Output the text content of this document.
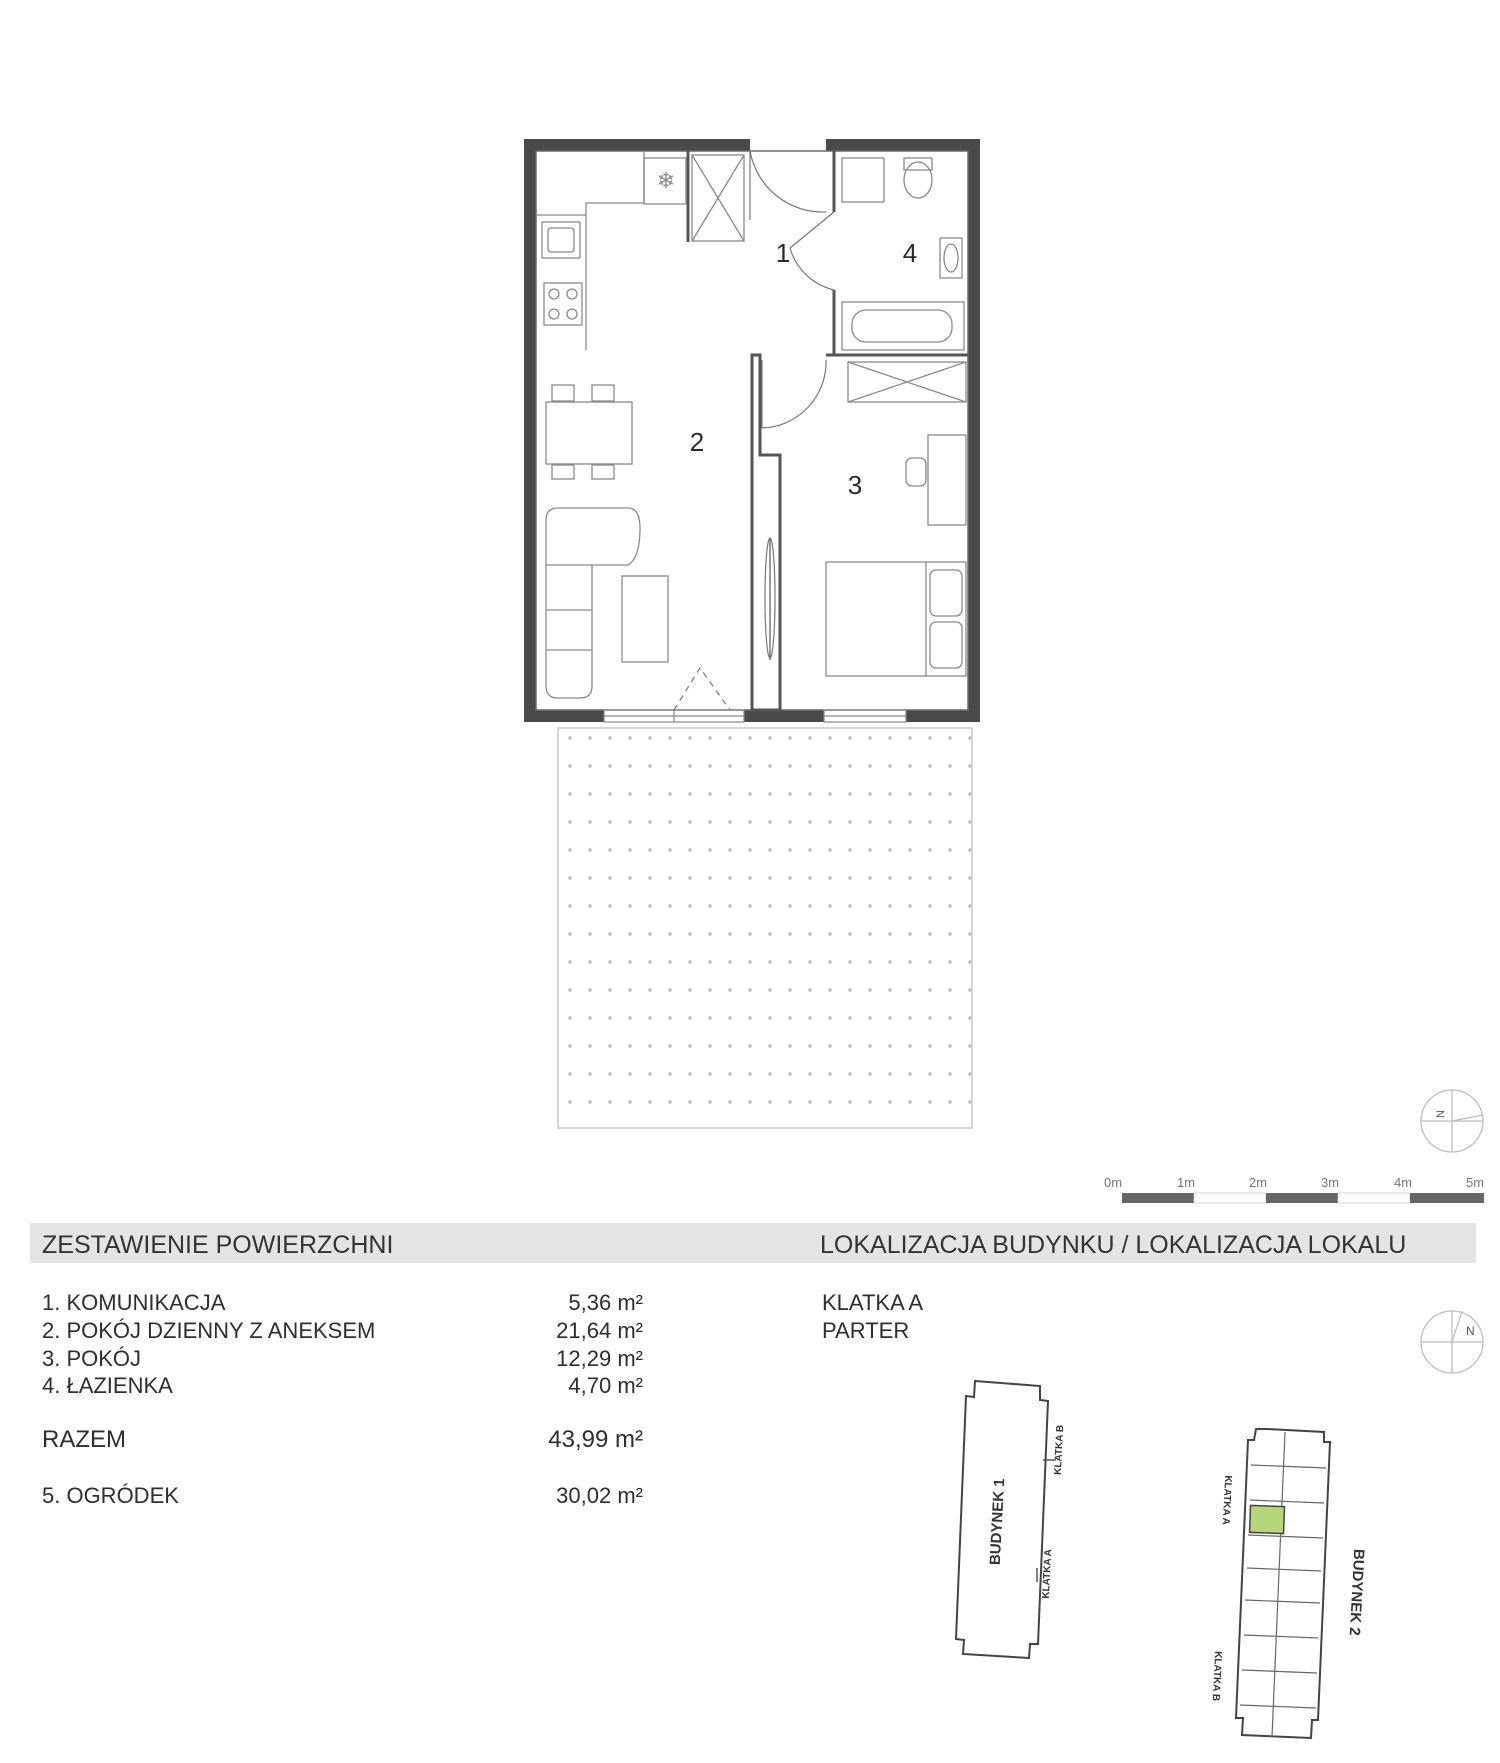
❄
1
2
3
4
N
0m	1m	2m	3m	4m	5m
N
BUDYNEK 1
KLATKA B
KLATKA A	BUDYNEK 2
KLATKA A
KLATKA B
ZESTAWIENIE POWIERZCHNI	LOKALIZACJA BUDYNKU / LOKALIZACJA LOKALU
1. KOMUNIKACJA	5,36 m²
2. POKÓJ DZIENNY Z ANEKSEM	21,64 m²
3. POKÓJ	12,29 m²
4. ŁAZIENKA	4,70 m²
RAZEM	43,99 m²
5. OGRÓDEK	30,02 m²
KLATKA A
PARTER
